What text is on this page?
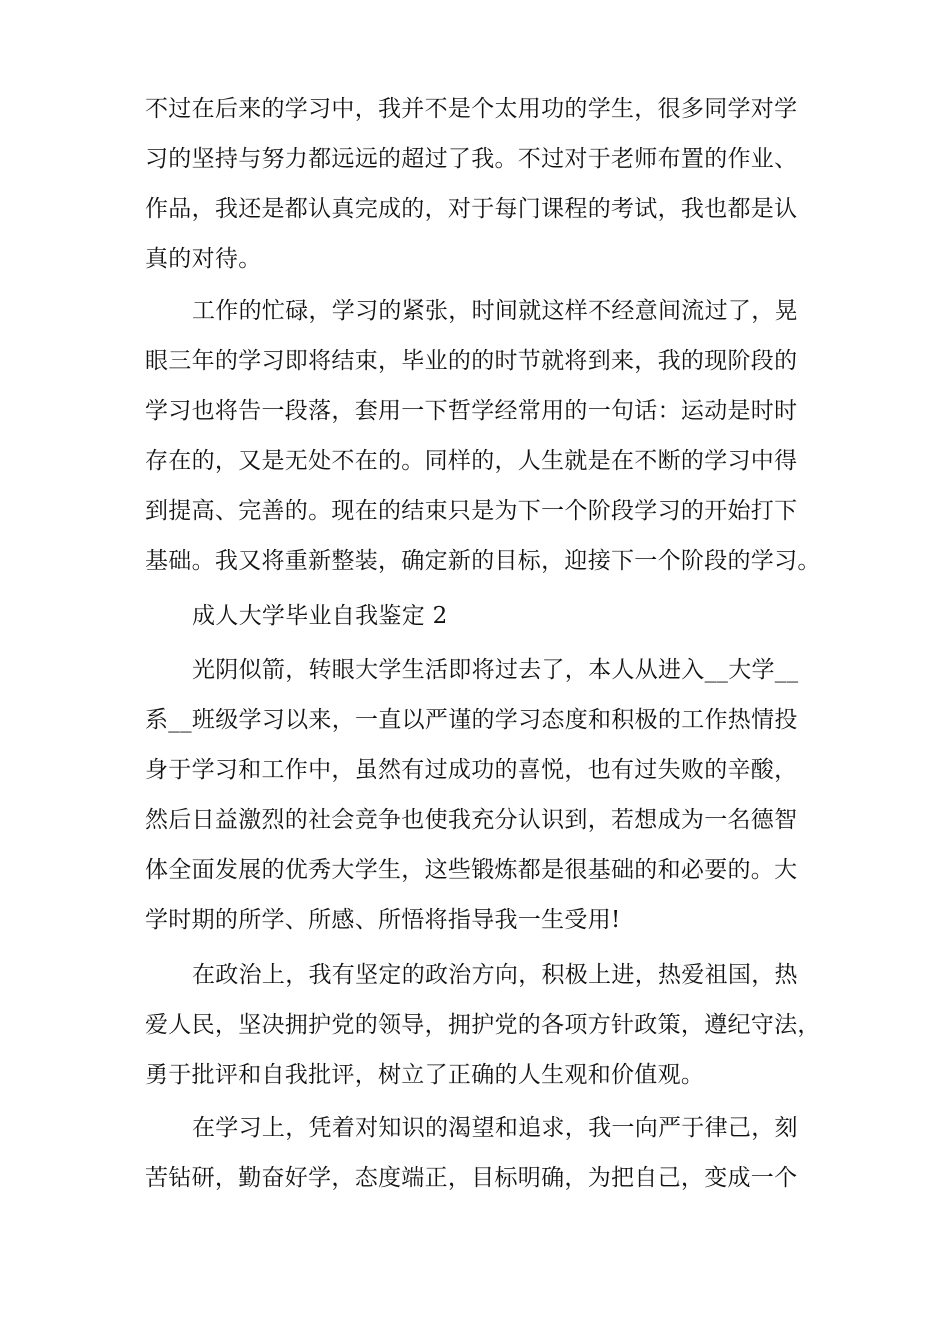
不过在后来的学习中，我并不是个太用功的学生，很多同学对学
习的坚持与努力都远远的超过了我。不过对于老师布置的作业、
作品，我还是都认真完成的，对于每门课程的考试，我也都是认
真的对待。
工作的忙碌，学习的紧张，时间就这样不经意间流过了，晃
眼三年的学习即将结束，毕业的的时节就将到来，我的现阶段的
学习也将告一段落，套用一下哲学经常用的一句话：运动是时时
存在的，又是无处不在的。同样的，人生就是在不断的学习中得
到提高、完善的。现在的结束只是为下一个阶段学习的开始打下
基础。我又将重新整装，确定新的目标，迎接下一个阶段的学习。
成人大学毕业自我鉴定 2
光阴似箭，转眼大学生活即将过去了，本人从进入__大学__
系__班级学习以来，一直以严谨的学习态度和积极的工作热情投
身于学习和工作中，虽然有过成功的喜悦，也有过失败的辛酸，
然后日益激烈的社会竞争也使我充分认识到，若想成为一名德智
体全面发展的优秀大学生，这些锻炼都是很基础的和必要的。大
学时期的所学、所感、所悟将指导我一生受用!
在政治上，我有坚定的政治方向，积极上进，热爱祖国，热
爱人民，坚决拥护党的领导，拥护党的各项方针政策，遵纪守法，
勇于批评和自我批评，树立了正确的人生观和价值观。
在学习上，凭着对知识的渴望和追求，我一向严于律己，刻
苦钻研，勤奋好学，态度端正，目标明确，为把自己，变成一个
